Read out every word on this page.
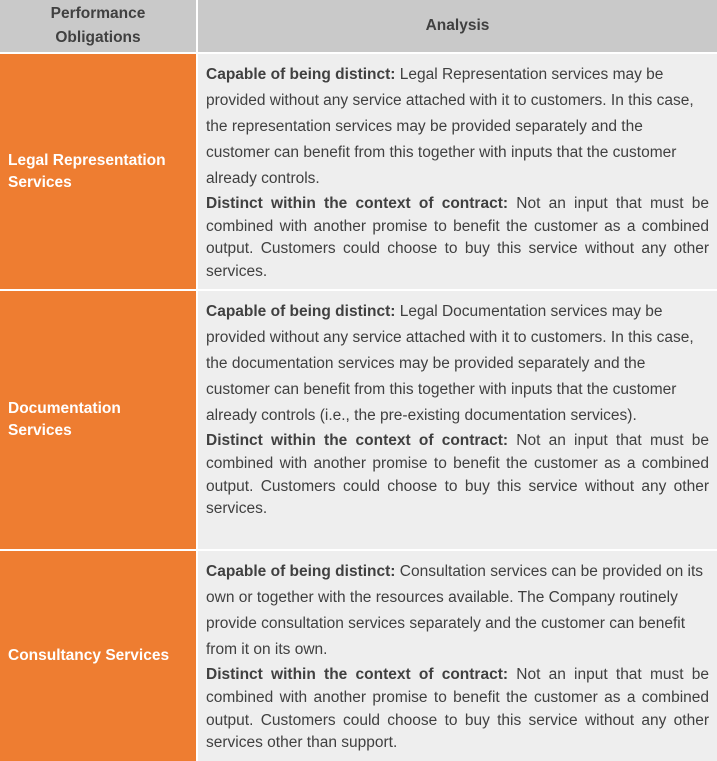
Performance Obligations	Analysis
Legal Representation Services	Capable of being distinct: Legal Representation services may be provided without any service attached with it to customers. In this case, the representation services may be provided separately and the customer can benefit from this together with inputs that the customer already controls.
Distinct within the context of contract: Not an input that must be combined with another promise to benefit the customer as a combined output. Customers could choose to buy this service without any other services.

Documentation Services	Capable of being distinct: Legal Documentation services may be provided without any service attached with it to customers. In this case, the documentation services may be provided separately and the customer can benefit from this together with inputs that the customer already controls (i.e., the pre-existing documentation services).
Distinct within the context of contract: Not an input that must be combined with another promise to benefit the customer as a combined output. Customers could choose to buy this service without any other services.

Consultancy Services	Capable of being distinct: Consultation services can be provided on its own or together with the resources available. The Company routinely provide consultation services separately and the customer can benefit from it on its own.
Distinct within the context of contract: Not an input that must be combined with another promise to benefit the customer as a combined output. Customers could choose to buy this service without any other services other than support.
